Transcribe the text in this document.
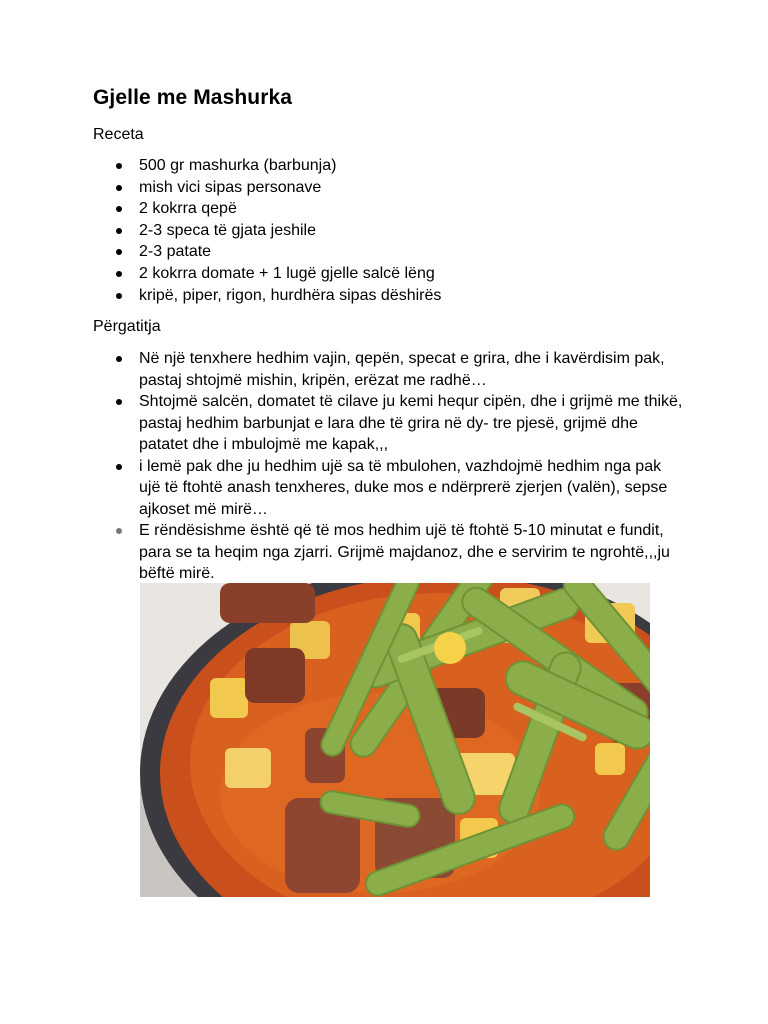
Gjelle me Mashurka

Receta

500 gr mashurka (barbunja)
mish vici sipas personave
2 kokrra qepë
2-3 speca të gjata jeshile
2-3 patate
2 kokrra domate + 1 lugë gjelle salcë lëng
kripë, piper, rigon, hurdhëra sipas dëshirës

Përgatitja

Në një tenxhere hedhim vajin, qepën, specat e grira, dhe i kavërdisim pak, pastaj shtojmë mishin, kripën, erëzat me radhë…
Shtojmë salcën, domatet të cilave ju kemi hequr cipën, dhe i grijmë me thikë, pastaj hedhim barbunjat e lara dhe të grira në dy- tre pjesë, grijmë dhe patatet dhe i mbulojmë me kapak,,,
i lemë pak dhe ju hedhim ujë sa të mbulohen, vazhdojmë hedhim nga pak ujë të ftohtë anash tenxheres, duke mos e ndërprerë zjerjen (valën), sepse ajkoset më mirë…
E rëndësishme është që të mos hedhim ujë të ftohtë 5-10 minutat e fundit, para se ta heqim nga zjarri. Grijmë majdanoz, dhe e servirim te ngrohtë,,,ju bëftë mirë.
